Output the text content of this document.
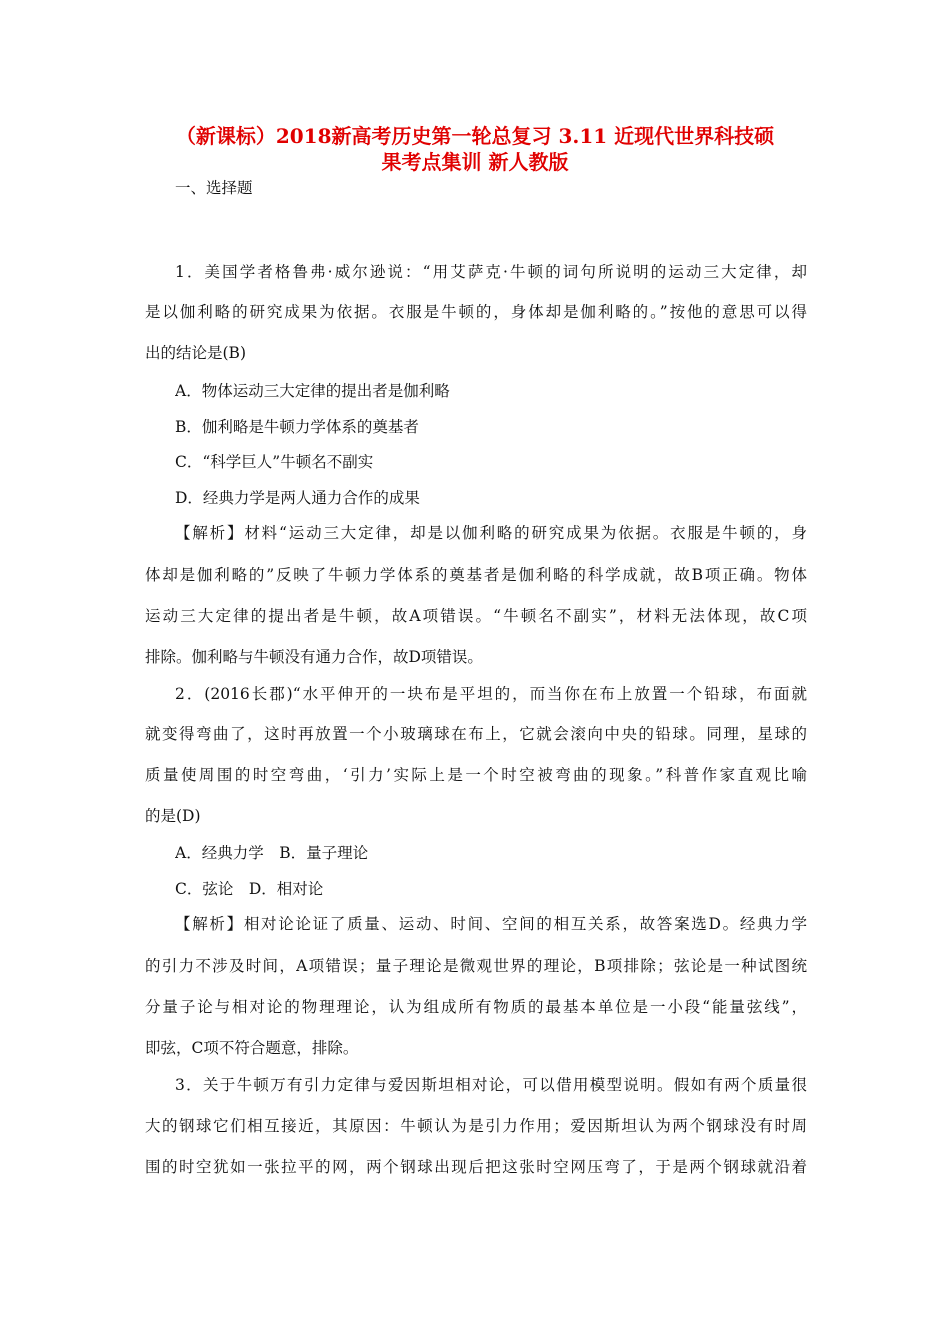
（新课标）2018新高考历史第一轮总复习 3.11 近现代世界科技硕
果考点集训 新人教版
一、选择题
1．美国学者格鲁弗·威尔逊说：“用艾萨克·牛顿的词句所说明的运动三大定律，却
是以伽利略的研究成果为依据。衣服是牛顿的，身体却是伽利略的。”按他的意思可以得
出的结论是(B)
A．物体运动三大定律的提出者是伽利略
B．伽利略是牛顿力学体系的奠基者
C．“科学巨人”牛顿名不副实
D．经典力学是两人通力合作的成果
【解析】材料“运动三大定律，却是以伽利略的研究成果为依据。衣服是牛顿的，身
体却是伽利略的”反映了牛顿力学体系的奠基者是伽利略的科学成就，故B项正确。物体
运动三大定律的提出者是牛顿，故A项错误。“牛顿名不副实”，材料无法体现，故C项
排除。伽利略与牛顿没有通力合作，故D项错误。
2．(2016长郡)“水平伸开的一块布是平坦的，而当你在布上放置一个铅球，布面就
就变得弯曲了，这时再放置一个小玻璃球在布上，它就会滚向中央的铅球。同理，星球的
质量使周围的时空弯曲，‘引力’实际上是一个时空被弯曲的现象。”科普作家直观比喻
的是(D)
A．经典力学　B．量子理论
C．弦论　D．相对论
【解析】相对论论证了质量、运动、时间、空间的相互关系，故答案选D。经典力学
的引力不涉及时间，A项错误；量子理论是微观世界的理论，B项排除；弦论是一种试图统
分量子论与相对论的物理理论，认为组成所有物质的最基本单位是一小段“能量弦线”，
即弦，C项不符合题意，排除。
3．关于牛顿万有引力定律与爱因斯坦相对论，可以借用模型说明。假如有两个质量很
大的钢球它们相互接近，其原因：牛顿认为是引力作用；爱因斯坦认为两个钢球没有时周
围的时空犹如一张拉平的网，两个钢球出现后把这张时空网压弯了，于是两个钢球就沿着
